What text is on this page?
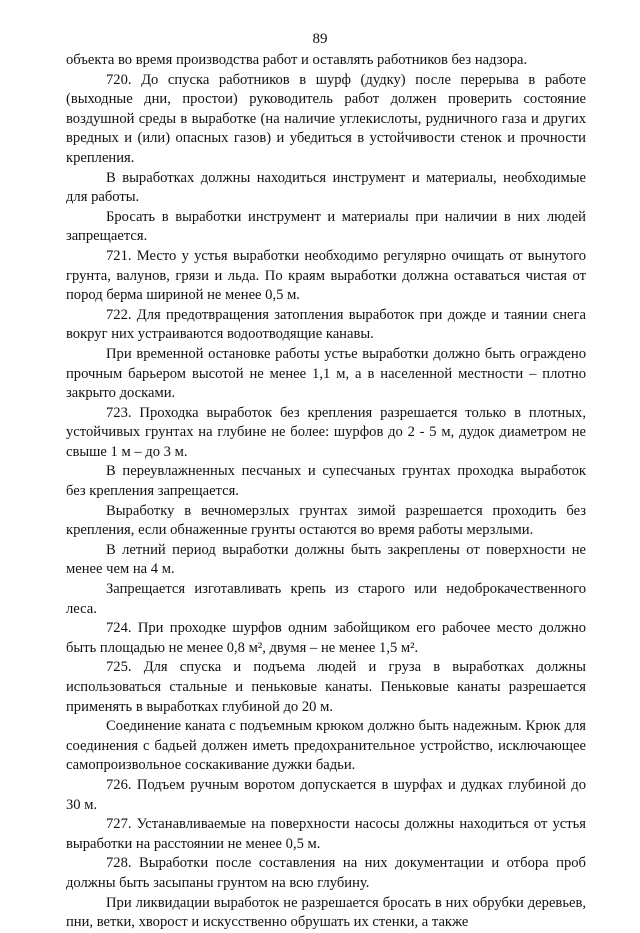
89

объекта во время производства работ и оставлять работников без надзора.

720. До спуска работников в шурф (дудку) после перерыва в работе (выходные дни, простои) руководитель работ должен проверить состояние воздушной среды в выработке (на наличие углекислоты, рудничного газа и других вредных и (или) опасных газов) и убедиться в устойчивости стенок и прочности крепления.

В выработках должны находиться инструмент и материалы, необходимые для работы.

Бросать в выработки инструмент и материалы при наличии в них людей запрещается.

721. Место у устья выработки необходимо регулярно очищать от вынутого грунта, валунов, грязи и льда. По краям выработки должна оставаться чистая от пород берма шириной не менее 0,5 м.

722. Для предотвращения затопления выработок при дожде и таянии снега вокруг них устраиваются водоотводящие канавы.

При временной остановке работы устье выработки должно быть ограждено прочным барьером высотой не менее 1,1 м, а в населенной местности – плотно закрыто досками.

723. Проходка выработок без крепления разрешается только в плотных, устойчивых грунтах на глубине не более: шурфов до 2 - 5 м, дудок диаметром не свыше 1 м – до 3 м.

В переувлажненных песчаных и супесчаных грунтах проходка выработок без крепления запрещается.

Выработку в вечномерзлых грунтах зимой разрешается проходить без крепления, если обнаженные грунты остаются во время работы мерзлыми.

В летний период выработки должны быть закреплены от поверхности не менее чем на 4 м.

Запрещается изготавливать крепь из старого или недоброкачественного леса.

724. При проходке шурфов одним забойщиком его рабочее место должно быть площадью не менее 0,8 м², двумя – не менее 1,5 м².

725. Для спуска и подъема людей и груза в выработках должны использоваться стальные и пеньковые канаты. Пеньковые канаты разрешается применять в выработках глубиной до 20 м.

Соединение каната с подъемным крюком должно быть надежным. Крюк для соединения с бадьей должен иметь предохранительное устройство, исключающее самопроизвольное соскакивание дужки бадьи.

726. Подъем ручным воротом допускается в шурфах и дудках глубиной до 30 м.

727. Устанавливаемые на поверхности насосы должны находиться от устья выработки на расстоянии не менее 0,5 м.

728. Выработки после составления на них документации и отбора проб должны быть засыпаны грунтом на всю глубину.

При ликвидации выработок не разрешается бросать в них обрубки деревьев, пни, ветки, хворост и искусственно обрушать их стенки, а также
